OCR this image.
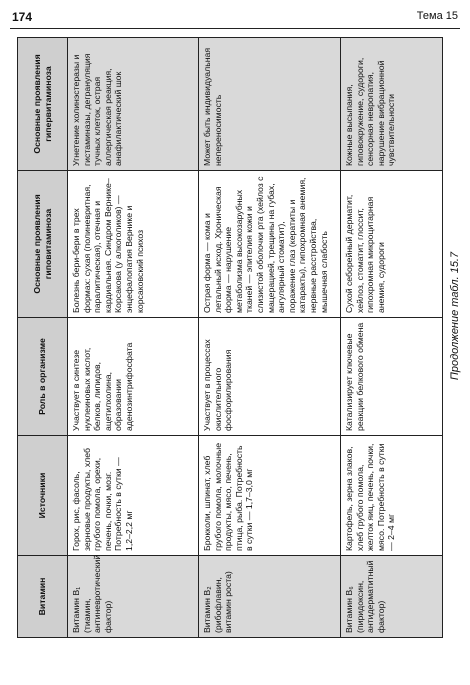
174	Тема 15
Продолжение табл. 15.7
Витамин	Источники	Роль в организме	Основные проявления гиповитаминоза	Основные проявления гипервитаминоза
Витамин B₁ (тиамин, антиневротический фактор)	Горох, рис, фасоль, зерновые продукты, хлеб грубого помола, орехи, печень, почки, мозг. Потребность в сутки — 1,2–2,2 мг	Участвует в синтезе нуклеиновых кислот, белков, липидов, ацетилхолина, образовании аденозинтрифосфата	Болезнь бери-бери в трех формах: сухая (полиневритная, паралитическая), отечная и кардиальная. Синдром Вернике–Корсакова (у алкоголиков) — энцефалопатия Вернике и корсаковский психоз	Угнетение холинэстеразы и гистаминазы, дегрануляция тучных клеток, острая аллергическая реакция, анафилактический шок
Витамин B₂ (рибофлавин, витамин роста)	Брокколи, шпинат, хлеб грубого помола, молочные продукты, мясо, печень, птица, рыба. Потребность в сутки — 1,7–3,0 мг	Участвует в процессах окислительного фосфорилирования	Острая форма — кома и летальный исход. Хроническая форма — нарушение метаболизма высокозарубных тканей — эпителия кожи и слизистой оболочки рта (хейлоз с мацерацией, трещины на губах, ангулярный стоматит), поражение глаз (кератиты и катаракты), гипохромная анемия, нервные расстройства, мышечная слабость	Может быть индивидуальная непереносимость
Витамин B₆ (пиридоксин, антидерматитный фактор)	Картофель, зерна злаков, хлеб грубого помола, желток яиц, печень, почки, мясо. Потребность в сутки — 2–4 мг	Катализирует ключевые реакции белкового обмена	Сухой себорейный дерматит, хейлоз, стоматит, глоссит, гипохромная микроцитарная анемия, судороги	Кожные высыпания, гиповокружение, судороги, сенсорная невропатия, нарушение вибрационной чувствительности
